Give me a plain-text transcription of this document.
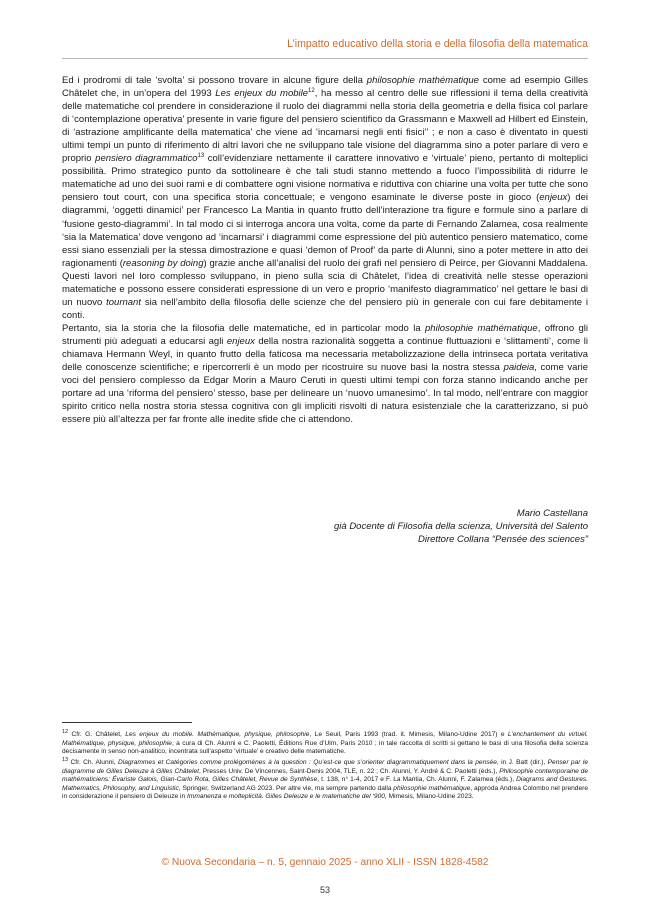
L’impatto educativo della storia e della filosofia della matematica

Ed i prodromi di tale ‘svolta’ si possono trovare in alcune figure della philosophie mathématique come ad esempio Gilles Châtelet che, in un’opera del 1993 Les enjeux du mobile$^{12}$, ha messo al centro delle sue riflessioni il tema della creatività delle matematiche col prendere in considerazione il ruolo dei diagrammi nella storia della geometria e della fisica col parlare di ‘contemplazione operativa’ presente in varie figure del pensiero scientifico da Grassmann e Maxwell ad Hilbert ed Einstein, di ‘astrazione amplificante della matematica’ che viene ad ‘incarnarsi negli enti fisici’’ ; e non a caso è diventato in questi ultimi tempi un punto di riferimento di altri lavori che ne sviluppano tale visione del diagramma sino a poter parlare di vero e proprio pensiero diagrammatico$^{13}$ coll’evidenziare nettamente il carattere innovativo e ‘virtuale’ pieno, pertanto di molteplici possibilità. Primo strategico punto da sottolineare è che tali studi stanno mettendo a fuoco l’impossibilità di ridurre le matematiche ad uno dei suoi rami e di combattere ogni visione normativa e riduttiva con chiarine una volta per tutte che sono pensiero tout court, con una specifica storia concettuale; e vengono esaminate le diverse poste in gioco (enjeux) dei diagrammi, ‘oggetti dinamici’ per Francesco La Mantia in quanto frutto dell’interazione tra figure e formule sino a parlare di ‘fusione gesto-diagrammi’. In tal modo ci si interroga ancora una volta, come da parte di Fernando Zalamea, cosa realmente ‘sia la Matematica’ dove vengono ad ‘incarnarsi’ i diagrammi come espressione del più autentico pensiero matematico, come essi siano essenziali per la stessa dimostrazione e quasi ‘demon of Proof’ da parte di Alunni, sino a poter mettere in atto dei ragionamenti (reasoning by doing) grazie anche all’analisi del ruolo dei grafi nel pensiero di Peirce, per Giovanni Maddalena. Questi lavori nel loro complesso sviluppano, in pieno sulla scia di Châtelet, l’idea di creatività nelle stesse operazioni matematiche e possono essere considerati espressione di un vero e proprio ‘manifesto diagrammatico’ nel gettare le basi di un nuovo tournant sia nell’ambito della filosofia delle scienze che del pensiero più in generale con cui fare debitamente i conti.

Pertanto, sia la storia che la filosofia delle matematiche, ed in particolar modo la philosophie mathématique, offrono gli strumenti più adeguati a educarsi agli enjeux della nostra razionalità soggetta a continue fluttuazioni e ‘slittamenti’, come li chiamava Hermann Weyl, in quanto frutto della faticosa ma necessaria metabolizzazione della intrinseca portata veritativa delle conoscenze scientifiche; e ripercorrerli è un modo per ricostruire su nuove basi la nostra stessa paideia, come varie voci del pensiero complesso da Edgar Morin a Mauro Ceruti in questi ultimi tempi con forza stanno indicando anche per portare ad una ‘riforma del pensiero’ stesso, base per delineare un ‘nuovo umanesimo’. In tal modo, nell’entrare con maggior spirito critico nella nostra storia stessa cognitiva con gli impliciti risvolti di natura esistenziale che la caratterizzano, si può essere più all’altezza per far fronte alle inedite sfide che ci attendono.

Mario Castellana
già Docente di Filosofia della scienza, Università del Salento
Direttore Collana “Pensée des sciences”

$^{12}$ Cfr. G. Châtelet, Les enjeux du mobile. Mathématique, physique, philosophie, Le Seuil, Paris 1993 (trad. it. Mimesis, Milano-Udine 2017) e L’enchantement du virtuel. Mathématique, physique, philosophie, a cura di Ch. Alunni e C. Paoletti, Éditions Rue d’Ulm, Paris 2010 ; in tale raccolta di scritti si gettano le basi di una filosofia della scienza decisamente in senso non-analitico, incentrata sull’aspetto ‘virtuale’ e creativo delle matematiche.

$^{13}$ Cfr. Ch. Alunni, Diagrammes et Catégories comme prolégomènes à la question : Qu’est-ce que s’orienter diagrammatiquement dans la pensée, in J. Batt (dir.), Penser par le diagramme de Gilles Deleuze à Gilles Châtelet, Presses Univ. De Vincennes, Saint-Denis 2004, TLE, n. 22 ; Ch. Alunni, Y. André & C. Paoletti (éds.), Philosophie contemporaine de mathématiciens: Évariste Galois, Gian-Carlo Rota, Gilles Châtelet, Revue de Synthèse, t. 138, n° 1-4, 2017 e F. La Mantia, Ch. Alunni, F. Zalamea (éds.), Diagrams and Gestures. Mathematics, Philosophy, and Linguistic, Springer, Switzerland AG 2023. Per altre vie, ma sempre partendo dalla philosophie mathématique, approda Andrea Colombo nel prendere in considerazione il pensiero di Deleuze in Immanenza e molteplicità. Gilles Deleuze e le matematiche del ‘900, Mimesis, Milano-Udine 2023.

© Nuova Secondaria – n. 5, gennaio 2025 - anno XLII - ISSN 1828-4582
53
